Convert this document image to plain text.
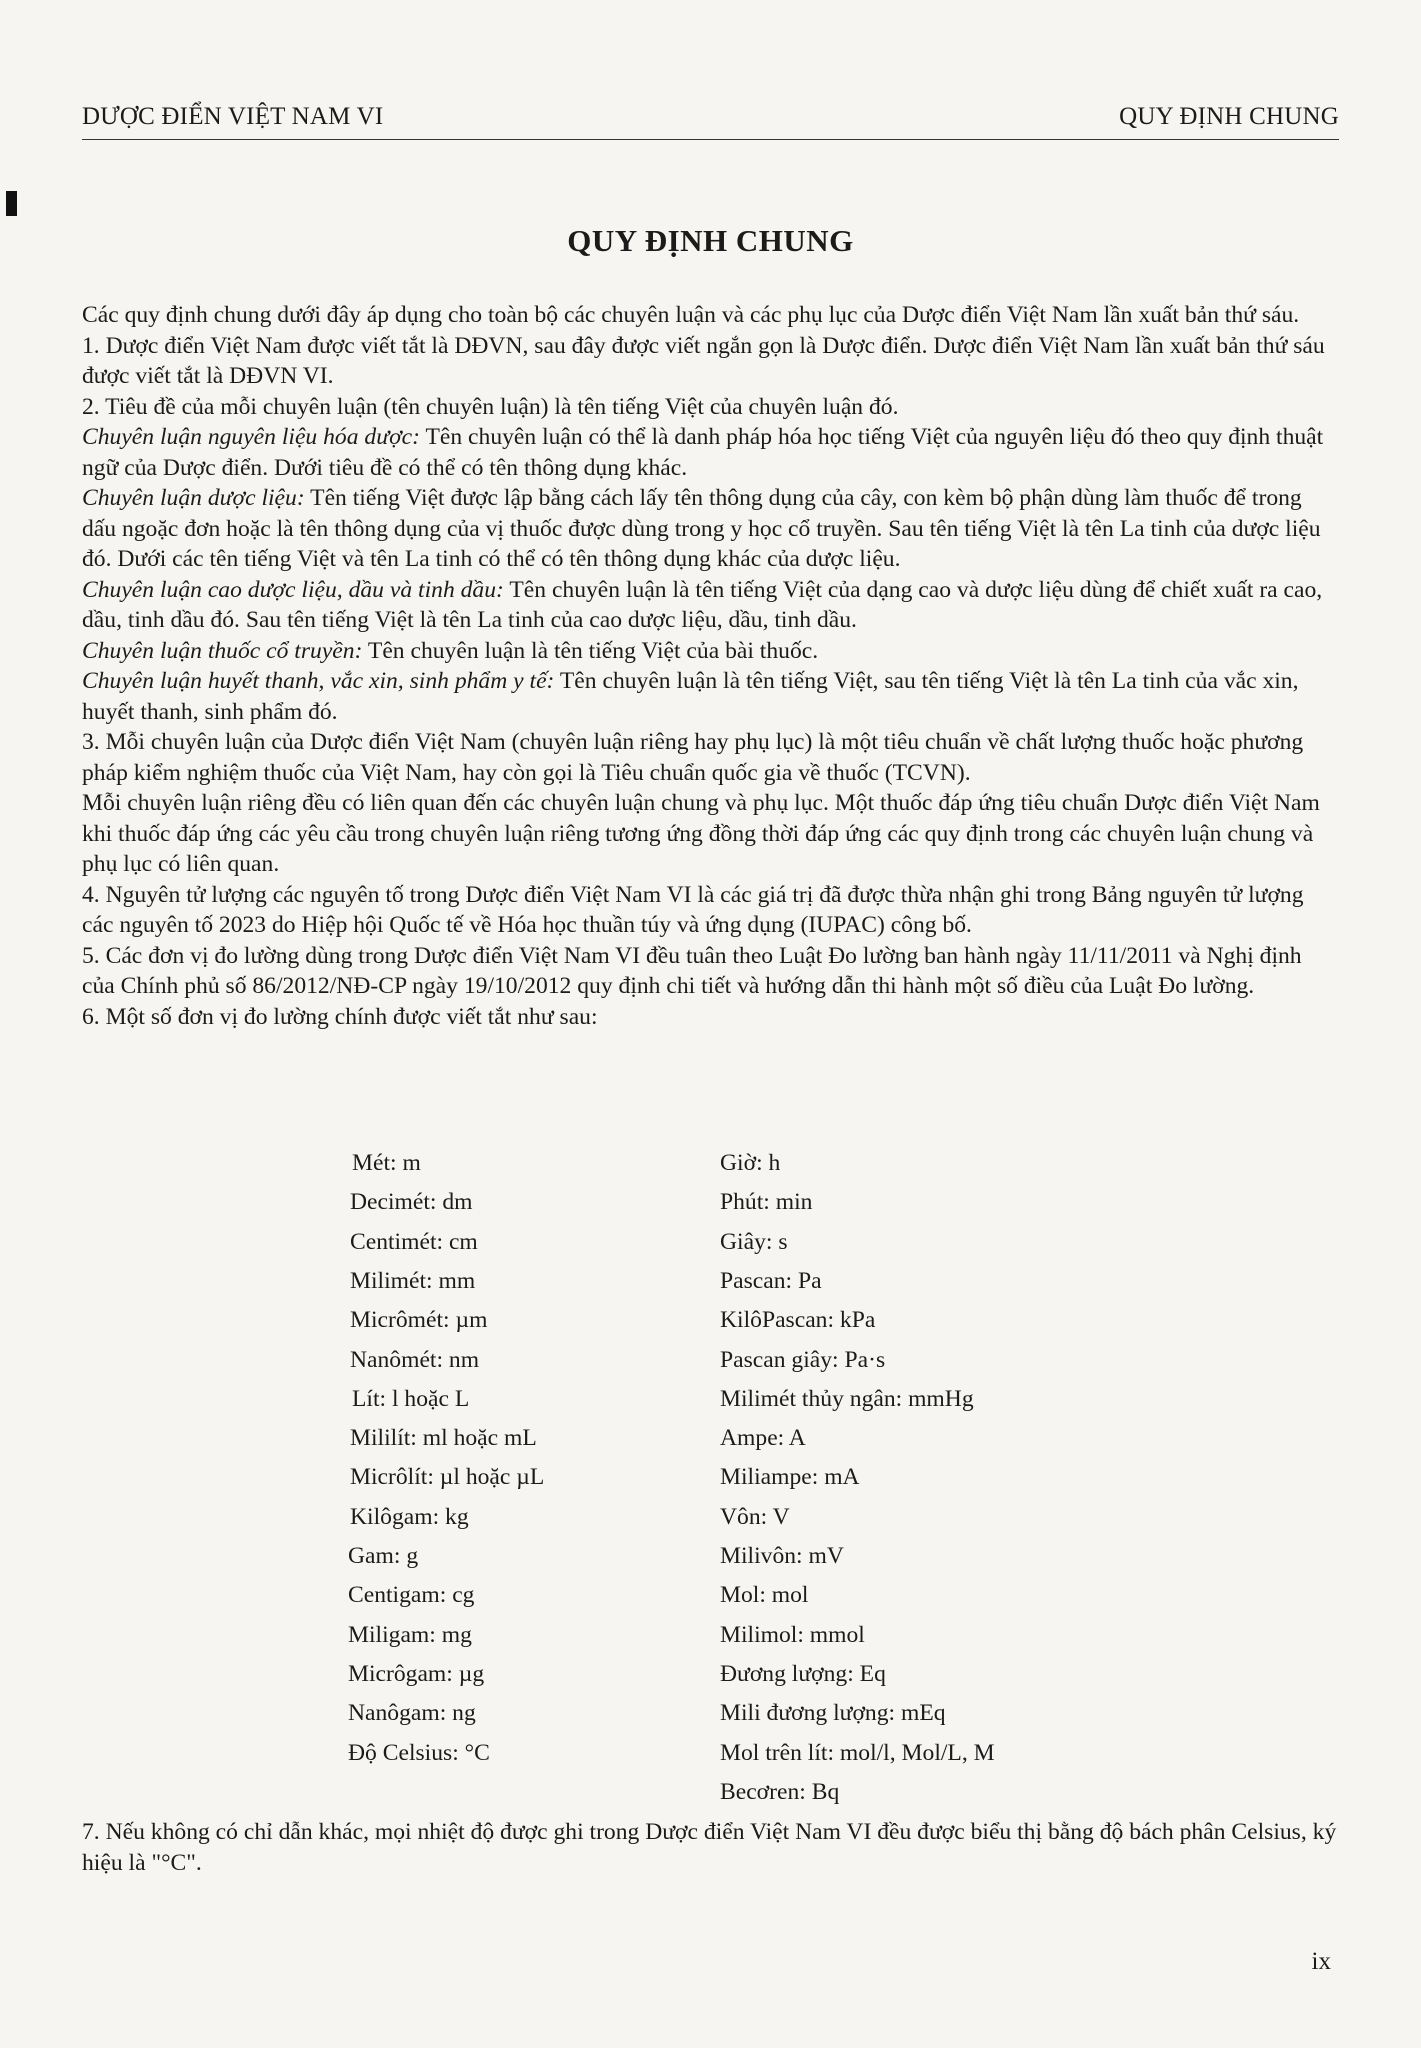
DƯỢC ĐIỂN VIỆT NAM VI	QUY ĐỊNH CHUNG
QUY ĐỊNH CHUNG

Các quy định chung dưới đây áp dụng cho toàn bộ các chuyên luận và các phụ lục của Dược điển Việt Nam lần xuất bản thứ sáu.

1. Dược điển Việt Nam được viết tắt là DĐVN, sau đây được viết ngắn gọn là Dược điển. Dược điển Việt Nam lần xuất bản thứ sáu được viết tắt là DĐVN VI.

2. Tiêu đề của mỗi chuyên luận (tên chuyên luận) là tên tiếng Việt của chuyên luận đó.

Chuyên luận nguyên liệu hóa dược: Tên chuyên luận có thể là danh pháp hóa học tiếng Việt của nguyên liệu đó theo quy định thuật ngữ của Dược điển. Dưới tiêu đề có thể có tên thông dụng khác.

Chuyên luận dược liệu: Tên tiếng Việt được lập bằng cách lấy tên thông dụng của cây, con kèm bộ phận dùng làm thuốc để trong dấu ngoặc đơn hoặc là tên thông dụng của vị thuốc được dùng trong y học cổ truyền. Sau tên tiếng Việt là tên La tinh của dược liệu đó. Dưới các tên tiếng Việt và tên La tinh có thể có tên thông dụng khác của dược liệu.

Chuyên luận cao dược liệu, dầu và tinh dầu: Tên chuyên luận là tên tiếng Việt của dạng cao và dược liệu dùng để chiết xuất ra cao, dầu, tinh dầu đó. Sau tên tiếng Việt là tên La tinh của cao dược liệu, dầu, tinh dầu.

Chuyên luận thuốc cổ truyền: Tên chuyên luận là tên tiếng Việt của bài thuốc.

Chuyên luận huyết thanh, vắc xin, sinh phẩm y tế: Tên chuyên luận là tên tiếng Việt, sau tên tiếng Việt là tên La tinh của vắc xin, huyết thanh, sinh phẩm đó.

3. Mỗi chuyên luận của Dược điển Việt Nam (chuyên luận riêng hay phụ lục) là một tiêu chuẩn về chất lượng thuốc hoặc phương pháp kiểm nghiệm thuốc của Việt Nam, hay còn gọi là Tiêu chuẩn quốc gia về thuốc (TCVN).

Mỗi chuyên luận riêng đều có liên quan đến các chuyên luận chung và phụ lục. Một thuốc đáp ứng tiêu chuẩn Dược điển Việt Nam khi thuốc đáp ứng các yêu cầu trong chuyên luận riêng tương ứng đồng thời đáp ứng các quy định trong các chuyên luận chung và phụ lục có liên quan.

4. Nguyên tử lượng các nguyên tố trong Dược điển Việt Nam VI là các giá trị đã được thừa nhận ghi trong Bảng nguyên tử lượng các nguyên tố 2023 do Hiệp hội Quốc tế về Hóa học thuần túy và ứng dụng (IUPAC) công bố.

5. Các đơn vị đo lường dùng trong Dược điển Việt Nam VI đều tuân theo Luật Đo lường ban hành ngày 11/11/2011 và Nghị định của Chính phủ số 86/2012/NĐ-CP ngày 19/10/2012 quy định chi tiết và hướng dẫn thi hành một số điều của Luật Đo lường.

6. Một số đơn vị đo lường chính được viết tắt như sau:

Mét: m
Decimét: dm
Centimét: cm
Milimét: mm
Micrômét: µm
Nanômét: nm
Lít: l hoặc L
Mililít: ml hoặc mL
Micrôlít: µl hoặc µL
Kilôgam: kg
Gam: g
Centigam: cg
Miligam: mg
Micrôgam: µg
Nanôgam: ng
Độ Celsius: °C
Giờ: h
Phút: min
Giây: s
Pascan: Pa
KilôPascan: kPa
Pascan giây: Pa·s
Milimét thủy ngân: mmHg
Ampe: A
Miliampe: mA
Vôn: V
Milivôn: mV
Mol: mol
Milimol: mmol
Đương lượng: Eq
Mili đương lượng: mEq
Mol trên lít: mol/l, Mol/L, M
Becơren: Bq

7. Nếu không có chỉ dẫn khác, mọi nhiệt độ được ghi trong Dược điển Việt Nam VI đều được biểu thị bằng độ bách phân Celsius, ký hiệu là "°C".

ix
